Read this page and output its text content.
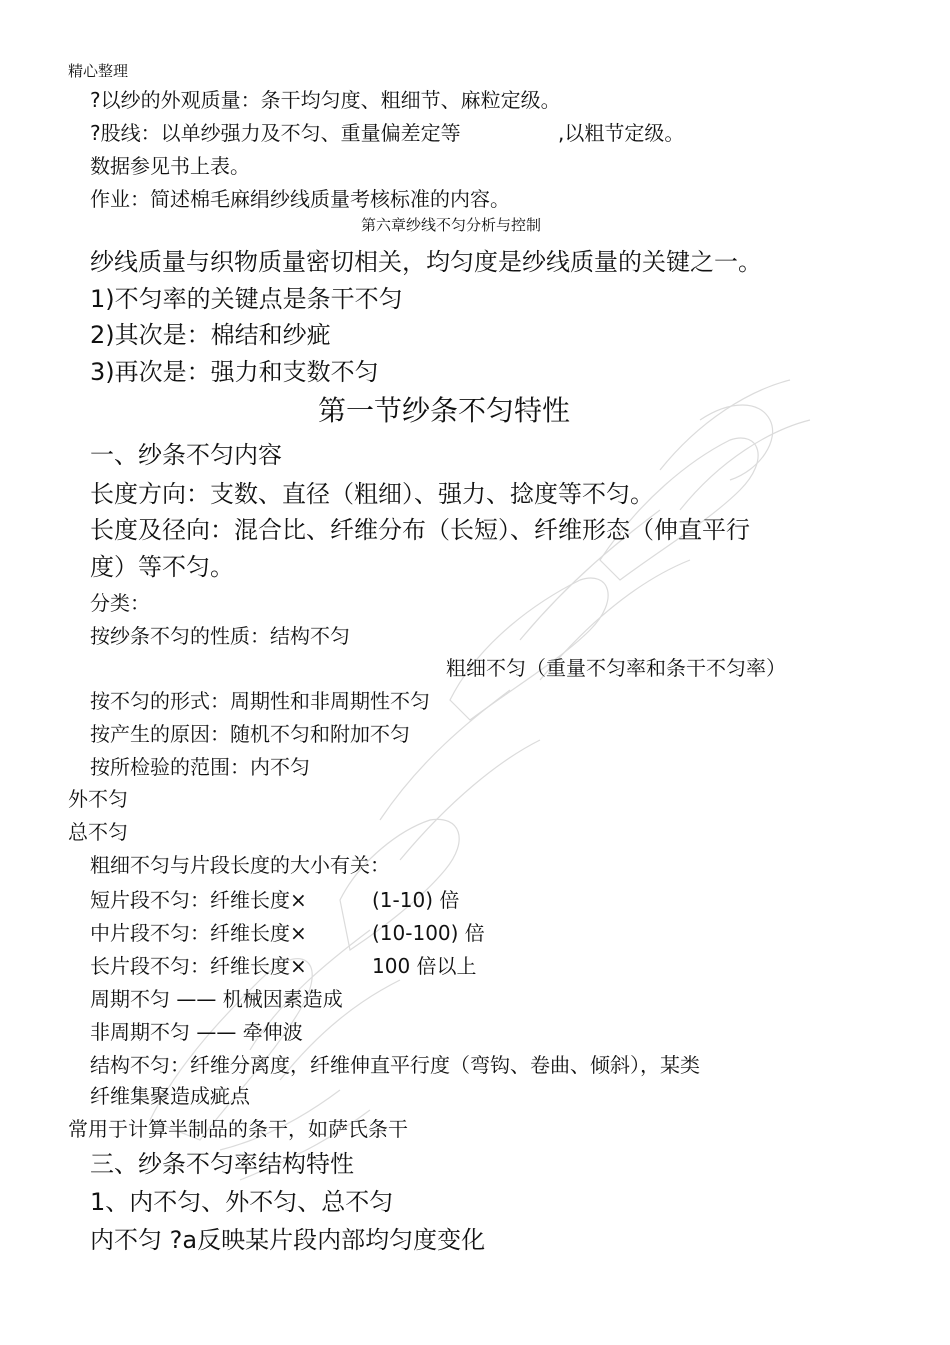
精心整理
?以纱的外观质量：条干均匀度、粗细节、麻粒定级。
?股线：以单纱强力及不匀、重量偏差定等	,以粗节定级。
数据参见书上表。
作业：简述棉毛麻绢纱线质量考核标准的内容。
第六章纱线不匀分析与控制
纱线质量与织物质量密切相关，均匀度是纱线质量的关键之一。
1)不匀率的关键点是条干不匀
2)其次是：棉结和纱疵
3)再次是：强力和支数不匀
第一节纱条不匀特性
一、纱条不匀内容
长度方向：支数、直径（粗细）、强力、捻度等不匀。
长度及径向：混合比、纤维分布（长短）、纤维形态（伸直平行
度）等不匀。
分类：
按纱条不匀的性质：结构不匀
粗细不匀（重量不匀率和条干不匀率）
按不匀的形式：周期性和非周期性不匀
按产生的原因：随机不匀和附加不匀
按所检验的范围：内不匀
外不匀
总不匀
粗细不匀与片段长度的大小有关：
短片段不匀：纤维长度×	(1-10) 倍
中片段不匀：纤维长度×	(10-100) 倍
长片段不匀：纤维长度×	100 倍以上
周期不匀 —— 机械因素造成
非周期不匀 —— 牵伸波
结构不匀：纤维分离度，纤维伸直平行度（弯钩、卷曲、倾斜），某类
纤维集聚造成疵点
常用于计算半制品的条干，如萨氏条干
三、纱条不匀率结构特性
1、内不匀、外不匀、总不匀
内不匀 ?a反映某片段内部均匀度变化
